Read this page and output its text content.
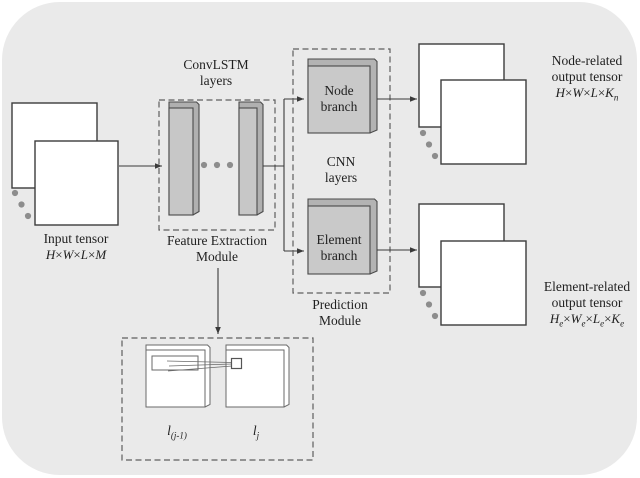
ConvLSTM layers
Input tensor
H×W×L×M
Feature Extraction Module
Node branch
CNN layers
Element branch
Prediction Module
Node-related
output tensor
$H\times W\times L\times K_n$
Element-related
output tensor
$H_e\times W_e\times L_e\times K_e$
$l_{(j-1)}$	$l_j$
